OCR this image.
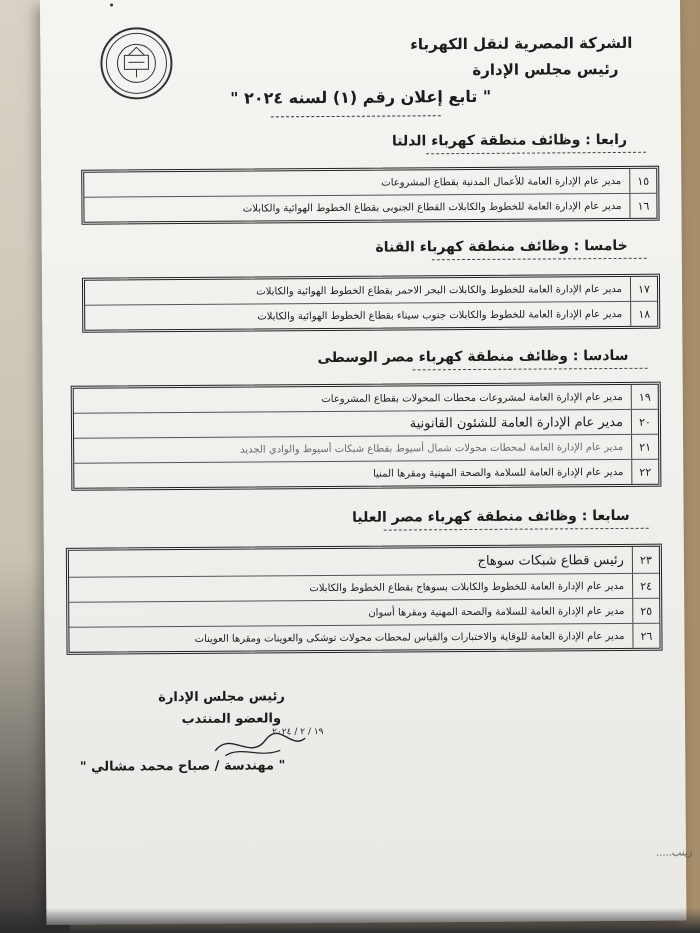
الشركة المصرية لنقل الكهرباء
رئيس مجلس الإدارة
" تابع إعلان رقم (١) لسنه ٢٠٢٤ "
رابعا : وظائف منطقة كهرباء الدلتا
١٥
مدير عام الإدارة العامة للأعمال المدنية بقطاع المشروعات
١٦
مدير عام الإدارة العامة للخطوط والكابلات القطاع الجنوبى بقطاع الخطوط الهوائية والكابلات
خامسا : وظائف منطقة كهرباء القناة
١٧
مدير عام الإدارة العامة للخطوط والكابلات البحر الاحمر بقطاع الخطوط الهوائية والكابلات
١٨
مدير عام الإدارة العامة للخطوط والكابلات جنوب سيناء بقطاع الخطوط الهوائية والكابلات
سادسا : وظائف منطقة كهرباء مصر الوسطى
١٩
مدير عام الإدارة العامة لمشروعات محطات المحولات بقطاع المشروعات
٢٠
مدير عام الإدارة العامة للشئون القانونية
٢١
مدير عام الإدارة العامة لمحطات محولات شمال أسيوط بقطاع شبكات أسيوط والوادي الجديد
٢٢
مدير عام الإدارة العامة للسلامة والصحة المهنية ومقرها المنيا
سابعا : وظائف منطقة كهرباء مصر العليا
٢٣
رئيس قطاع شبكات سوهاج
٢٤
مدير عام الإدارة العامة للخطوط والكابلات بسوهاج بقطاع الخطوط والكابلات
٢٥
مدير عام الإدارة العامة للسلامة والصحة المهنية ومقرها أسوان
٢٦
مدير عام الإدارة العامة للوقاية والاختبارات والقياس لمحطات محولات توشكى والعوينات ومقرها العوينات
رئيس مجلس الإدارة
والعضو المنتدب
١٩ / ٢ / ٢٠٢٤
" مهندسة / صباح محمد مشالي "
زينب.....
